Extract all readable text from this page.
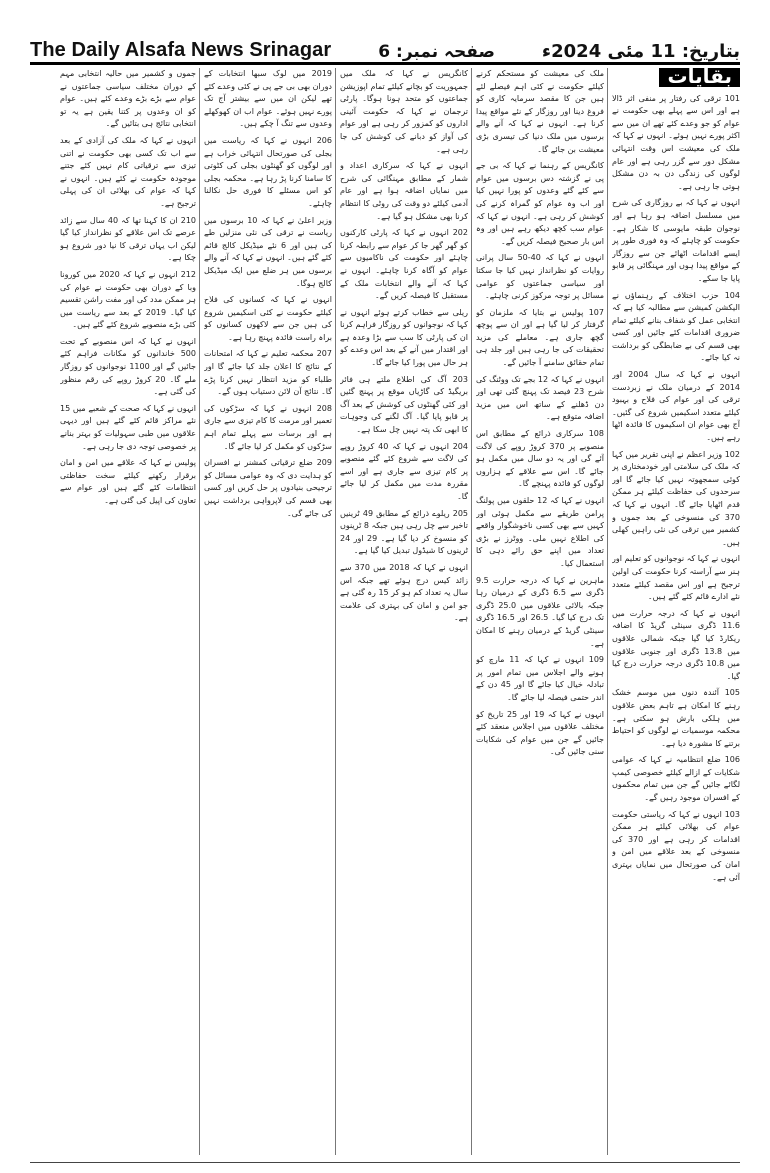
The Daily Alsafa News Srinagar	صفحہ نمبر: 6	بتاریخ: 11 مئی 2024ء
بقایات

101 ترقی کی رفتار پر منفی اثر ڈالا ہے اور اس سے پہلے بھی حکومت نے عوام کو جو وعدے کئے تھے ان میں سے اکثر پورے نہیں ہوئے۔ انہوں نے کہا کہ ملک کی معیشت اس وقت انتہائی مشکل دور سے گزر رہی ہے اور عام لوگوں کی زندگی دن بہ دن مشکل ہوتی جا رہی ہے۔

انہوں نے کہا کہ بے روزگاری کی شرح میں مسلسل اضافہ ہو رہا ہے اور نوجوان طبقہ مایوسی کا شکار ہے۔ حکومت کو چاہئے کہ وہ فوری طور پر ایسے اقدامات اٹھائے جن سے روزگار کے مواقع پیدا ہوں اور مہنگائی پر قابو پایا جا سکے۔

104 حزب اختلاف کے رہنماؤں نے الیکشن کمیشن سے مطالبہ کیا ہے کہ انتخابی عمل کو شفاف بنانے کیلئے تمام ضروری اقدامات کئے جائیں اور کسی بھی قسم کی بے ضابطگی کو برداشت نہ کیا جائے۔

انہوں نے کہا کہ سال 2004 اور 2014 کے درمیان ملک نے زبردست ترقی کی اور عوام کی فلاح و بہبود کیلئے متعدد اسکیمیں شروع کی گئیں۔ آج بھی عوام ان اسکیموں کا فائدہ اٹھا رہے ہیں۔

102 وزیر اعظم نے اپنی تقریر میں کہا کہ ملک کی سلامتی اور خودمختاری پر کوئی سمجھوتہ نہیں کیا جائے گا اور سرحدوں کی حفاظت کیلئے ہر ممکن قدم اٹھایا جائے گا۔ انہوں نے کہا کہ 370 کی منسوخی کے بعد جموں و کشمیر میں ترقی کی نئی راہیں کھلی ہیں۔

انہوں نے کہا کہ نوجوانوں کو تعلیم اور ہنر سے آراستہ کرنا حکومت کی اولین ترجیح ہے اور اس مقصد کیلئے متعدد نئے ادارے قائم کئے گئے ہیں۔

انہوں نے کہا کہ درجہ حرارت میں 11.6 ڈگری سینٹی گریڈ کا اضافہ ریکارڈ کیا گیا جبکہ شمالی علاقوں میں 13.8 ڈگری اور جنوبی علاقوں میں 10.8 ڈگری درجہ حرارت درج کیا گیا۔

105 آئندہ دنوں میں موسم خشک رہنے کا امکان ہے تاہم بعض علاقوں میں ہلکی بارش ہو سکتی ہے۔ محکمہ موسمیات نے لوگوں کو احتیاط برتنے کا مشورہ دیا ہے۔

106 ضلع انتظامیہ نے کہا کہ عوامی شکایات کے ازالے کیلئے خصوصی کیمپ لگائے جائیں گے جن میں تمام محکموں کے افسران موجود رہیں گے۔

103 انہوں نے کہا کہ ریاستی حکومت عوام کی بھلائی کیلئے ہر ممکن اقدامات کر رہی ہے اور 370 کی منسوخی کے بعد علاقے میں امن و امان کی صورتحال میں نمایاں بہتری آئی ہے۔

ملک کی معیشت کو مستحکم کرنے کیلئے حکومت نے کئی اہم فیصلے لئے ہیں جن کا مقصد سرمایہ کاری کو فروغ دینا اور روزگار کے نئے مواقع پیدا کرنا ہے۔ انہوں نے کہا کہ آنے والے برسوں میں ملک دنیا کی تیسری بڑی معیشت بن جائے گا۔

کانگریس کے رہنما نے کہا کہ بی جے پی نے گزشتہ دس برسوں میں عوام سے کئے گئے وعدوں کو پورا نہیں کیا اور اب وہ عوام کو گمراہ کرنے کی کوشش کر رہی ہے۔ انہوں نے کہا کہ عوام سب کچھ دیکھ رہے ہیں اور وہ اس بار صحیح فیصلہ کریں گے۔

انہوں نے کہا کہ 40-50 سال پرانی روایات کو نظرانداز نہیں کیا جا سکتا اور سیاسی جماعتوں کو عوامی مسائل پر توجہ مرکوز کرنی چاہئے۔

107 پولیس نے بتایا کہ ملزمان کو گرفتار کر لیا گیا ہے اور ان سے پوچھ گچھ جاری ہے۔ معاملے کی مزید تحقیقات کی جا رہی ہیں اور جلد ہی تمام حقائق سامنے آ جائیں گے۔

انہوں نے کہا کہ 12 بجے تک ووٹنگ کی شرح 23 فیصد تک پہنچ گئی تھی اور دن ڈھلنے کے ساتھ اس میں مزید اضافہ متوقع ہے۔

108 سرکاری ذرائع کے مطابق اس منصوبے پر 370 کروڑ روپے کی لاگت آئے گی اور یہ دو سال میں مکمل ہو جائے گا۔ اس سے علاقے کے ہزاروں لوگوں کو فائدہ پہنچے گا۔

انہوں نے کہا کہ 12 حلقوں میں پولنگ پرامن طریقے سے مکمل ہوئی اور کہیں سے بھی کسی ناخوشگوار واقعے کی اطلاع نہیں ملی۔ ووٹرز نے بڑی تعداد میں اپنے حق رائے دہی کا استعمال کیا۔

ماہرین نے کہا کہ درجہ حرارت 9.5 ڈگری سے 6.5 ڈگری کے درمیان رہا جبکہ بالائی علاقوں میں 25.0 ڈگری تک درج کیا گیا۔ 26.5 اور 16.5 ڈگری سینٹی گریڈ کے درمیان رہنے کا امکان ہے۔

109 انہوں نے کہا کہ 11 مارچ کو ہونے والے اجلاس میں تمام امور پر تبادلہ خیال کیا جائے گا اور 45 دن کے اندر حتمی فیصلہ لیا جائے گا۔

انہوں نے کہا کہ 19 اور 25 تاریخ کو مختلف علاقوں میں اجلاس منعقد کئے جائیں گے جن میں عوام کی شکایات سنی جائیں گی۔

کانگریس نے کہا کہ ملک میں جمہوریت کو بچانے کیلئے تمام اپوزیشن جماعتوں کو متحد ہونا ہوگا۔ پارٹی ترجمان نے کہا کہ حکومت آئینی اداروں کو کمزور کر رہی ہے اور عوام کی آواز کو دبانے کی کوشش کی جا رہی ہے۔

انہوں نے کہا کہ سرکاری اعداد و شمار کے مطابق مہنگائی کی شرح میں نمایاں اضافہ ہوا ہے اور عام آدمی کیلئے دو وقت کی روٹی کا انتظام کرنا بھی مشکل ہو گیا ہے۔

202 انہوں نے کہا کہ پارٹی کارکنوں کو گھر گھر جا کر عوام سے رابطہ کرنا چاہئے اور حکومت کی ناکامیوں سے عوام کو آگاہ کرنا چاہئے۔ انہوں نے کہا کہ آنے والے انتخابات ملک کے مستقبل کا فیصلہ کریں گے۔

ریلی سے خطاب کرتے ہوئے انہوں نے کہا کہ نوجوانوں کو روزگار فراہم کرنا ان کی پارٹی کا سب سے بڑا وعدہ ہے اور اقتدار میں آنے کے بعد اس وعدے کو ہر حال میں پورا کیا جائے گا۔

203 آگ کی اطلاع ملتے ہی فائر بریگیڈ کی گاڑیاں موقع پر پہنچ گئیں اور کئی گھنٹوں کی کوشش کے بعد آگ پر قابو پایا گیا۔ آگ لگنے کی وجوہات کا ابھی تک پتہ نہیں چل سکا ہے۔

204 انہوں نے کہا کہ 40 کروڑ روپے کی لاگت سے شروع کئے گئے منصوبے پر کام تیزی سے جاری ہے اور اسے مقررہ مدت میں مکمل کر لیا جائے گا۔

205 ریلوے ذرائع کے مطابق 49 ٹرینیں تاخیر سے چل رہی ہیں جبکہ 8 ٹرینوں کو منسوخ کر دیا گیا ہے۔ 29 اور 24 ٹرینوں کا شیڈول تبدیل کیا گیا ہے۔

انہوں نے کہا کہ 2018 میں 370 سے زائد کیس درج ہوئے تھے جبکہ اس سال یہ تعداد کم ہو کر 15 رہ گئی ہے جو امن و امان کی بہتری کی علامت ہے۔

2019 میں لوک سبھا انتخابات کے دوران بھی بی جے پی نے کئی وعدے کئے تھے لیکن ان میں سے بیشتر آج تک پورے نہیں ہوئے۔ عوام اب ان کھوکھلے وعدوں سے تنگ آ چکے ہیں۔

206 انہوں نے کہا کہ ریاست میں بجلی کی صورتحال انتہائی خراب ہے اور لوگوں کو گھنٹوں بجلی کی کٹوتی کا سامنا کرنا پڑ رہا ہے۔ محکمہ بجلی کو اس مسئلے کا فوری حل نکالنا چاہئے۔

وزیر اعلیٰ نے کہا کہ 10 برسوں میں ریاست نے ترقی کی نئی منزلیں طے کی ہیں اور 6 نئے میڈیکل کالج قائم کئے گئے ہیں۔ انہوں نے کہا کہ آنے والے برسوں میں ہر ضلع میں ایک میڈیکل کالج ہوگا۔

انہوں نے کہا کہ کسانوں کی فلاح کیلئے حکومت نے کئی اسکیمیں شروع کی ہیں جن سے لاکھوں کسانوں کو براہ راست فائدہ پہنچ رہا ہے۔

207 محکمہ تعلیم نے کہا کہ امتحانات کے نتائج کا اعلان جلد کیا جائے گا اور طلباء کو مزید انتظار نہیں کرنا پڑے گا۔ نتائج آن لائن دستیاب ہوں گے۔

208 انہوں نے کہا کہ سڑکوں کی تعمیر اور مرمت کا کام تیزی سے جاری ہے اور برسات سے پہلے تمام اہم سڑکوں کو مکمل کر لیا جائے گا۔

209 ضلع ترقیاتی کمشنر نے افسران کو ہدایت دی کہ وہ عوامی مسائل کو ترجیحی بنیادوں پر حل کریں اور کسی بھی قسم کی لاپرواہی برداشت نہیں کی جائے گی۔

جموں و کشمیر میں حالیہ انتخابی مہم کے دوران مختلف سیاسی جماعتوں نے عوام سے بڑے بڑے وعدے کئے ہیں۔ عوام کو ان وعدوں پر کتنا یقین ہے یہ تو انتخابی نتائج ہی بتائیں گے۔

انہوں نے کہا کہ ملک کی آزادی کے بعد سے اب تک کسی بھی حکومت نے اتنی تیزی سے ترقیاتی کام نہیں کئے جتنے موجودہ حکومت نے کئے ہیں۔ انہوں نے کہا کہ عوام کی بھلائی ان کی پہلی ترجیح ہے۔

210 ان کا کہنا تھا کہ 40 سال سے زائد عرصے تک اس علاقے کو نظرانداز کیا گیا لیکن اب یہاں ترقی کا نیا دور شروع ہو چکا ہے۔

212 انہوں نے کہا کہ 2020 میں کورونا وبا کے دوران بھی حکومت نے عوام کی ہر ممکن مدد کی اور مفت راشن تقسیم کیا گیا۔ 2019 کے بعد سے ریاست میں کئی بڑے منصوبے شروع کئے گئے ہیں۔

انہوں نے کہا کہ اس منصوبے کے تحت 500 خاندانوں کو مکانات فراہم کئے جائیں گے اور 1100 نوجوانوں کو روزگار ملے گا۔ 20 کروڑ روپے کی رقم منظور کی گئی ہے۔

انہوں نے کہا کہ صحت کے شعبے میں 15 نئے مراکز قائم کئے گئے ہیں اور دیہی علاقوں میں طبی سہولیات کو بہتر بنانے پر خصوصی توجہ دی جا رہی ہے۔

پولیس نے کہا کہ علاقے میں امن و امان برقرار رکھنے کیلئے سخت حفاظتی انتظامات کئے گئے ہیں اور عوام سے تعاون کی اپیل کی گئی ہے۔
